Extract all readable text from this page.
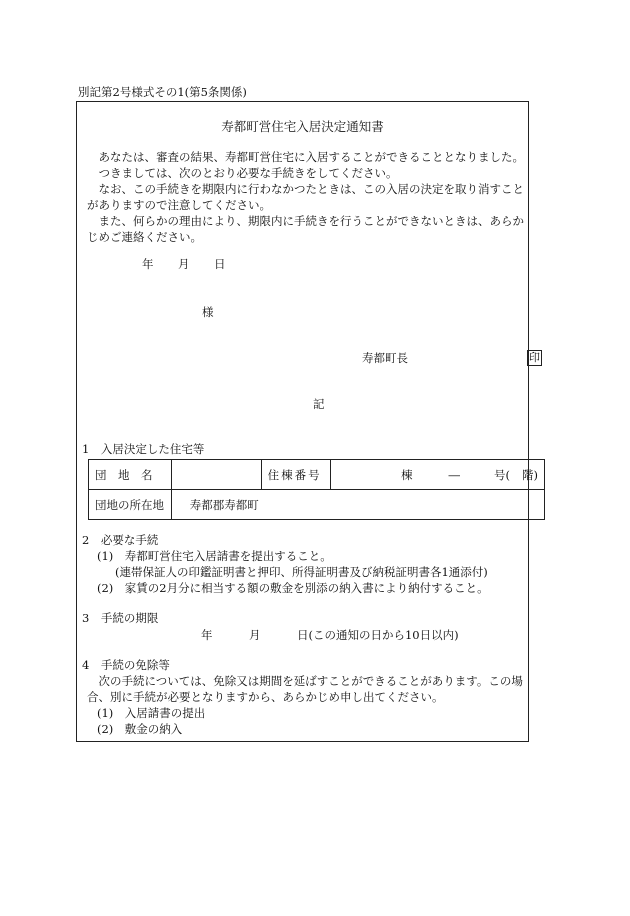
別記第2号様式その1(第5条関係)
寿都町営住宅入居決定通知書
　あなたは、審査の結果、寿都町営住宅に入居することができることとなりました。
　つきましては、次のとおり必要な手続きをしてください。
　なお、この手続きを期限内に行わなかつたときは、この入居の決定を取り消すことがありますので注意してください。
　また、何らかの理由により、期限内に手続きを行うことができないときは、あらかじめご連絡ください。
年 月 日
様
寿都町長	印
記
1　入居決定した住宅等
団　地　名		住棟番号	棟 ― 号( 階)
団地の所在地	寿都郡寿都町		
2　必要な手続
(1)　寿都町営住宅入居請書を提出すること。
(連帯保証人の印鑑証明書と押印、所得証明書及び納税証明書各1通添付)
(2)　家賃の2月分に相当する額の敷金を別添の納入書により納付すること。
3　手続の期限
年	月	日(この通知の日から10日以内)
4　手続の免除等
　次の手続については、免除又は期間を延ばすことができることがあります。この場合、別に手続が必要となりますから、あらかじめ申し出てください。
(1)　入居請書の提出
(2)　敷金の納入
